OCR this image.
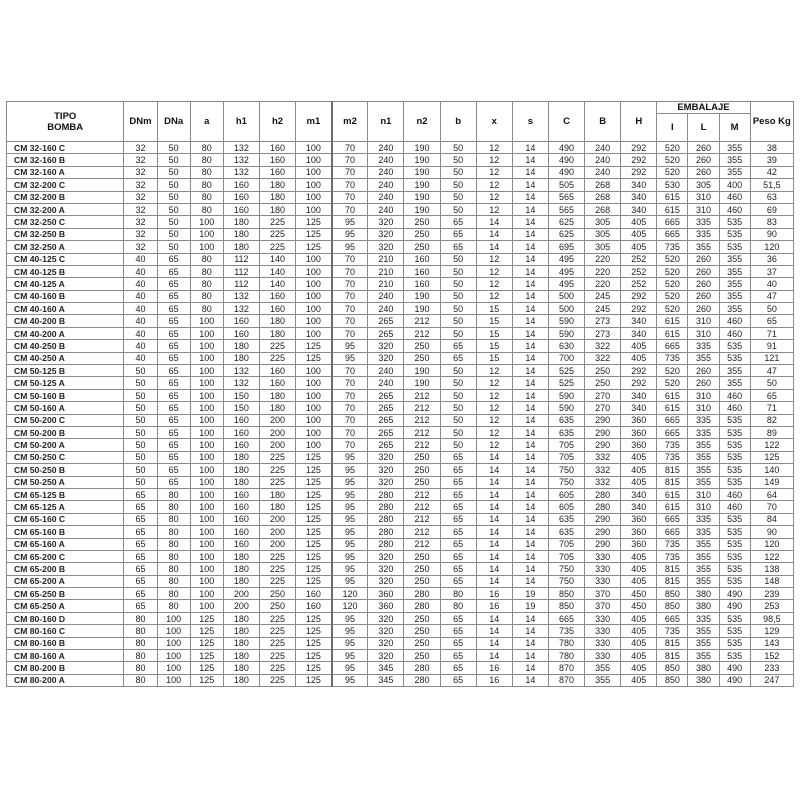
TIPO
BOMBA	DNm	DNa	a	h1	h2	m1	m2	n1	n2	b	x	s	C	B	H	EMBALAJE			Peso Kg
																I	L	M	
CM 32-160 C	32	50	80	132	160	100	70	240	190	50	12	14	490	240	292	520	260	355	38
CM 32-160 B	32	50	80	132	160	100	70	240	190	50	12	14	490	240	292	520	260	355	39
CM 32-160 A	32	50	80	132	160	100	70	240	190	50	12	14	490	240	292	520	260	355	42
CM 32-200 C	32	50	80	160	180	100	70	240	190	50	12	14	505	268	340	530	305	400	51,5
CM 32-200 B	32	50	80	160	180	100	70	240	190	50	12	14	565	268	340	615	310	460	63
CM 32-200 A	32	50	80	160	180	100	70	240	190	50	12	14	565	268	340	615	310	460	69
CM 32-250 C	32	50	100	180	225	125	95	320	250	65	14	14	625	305	405	665	335	535	83
CM 32-250 B	32	50	100	180	225	125	95	320	250	65	14	14	625	305	405	665	335	535	90
CM 32-250 A	32	50	100	180	225	125	95	320	250	65	14	14	695	305	405	735	355	535	120
CM 40-125 C	40	65	80	112	140	100	70	210	160	50	12	14	495	220	252	520	260	355	36
CM 40-125 B	40	65	80	112	140	100	70	210	160	50	12	14	495	220	252	520	260	355	37
CM 40-125 A	40	65	80	112	140	100	70	210	160	50	12	14	495	220	252	520	260	355	40
CM 40-160 B	40	65	80	132	160	100	70	240	190	50	12	14	500	245	292	520	260	355	47
CM 40-160 A	40	65	80	132	160	100	70	240	190	50	15	14	500	245	292	520	260	355	50
CM 40-200 B	40	65	100	160	180	100	70	265	212	50	15	14	590	273	340	615	310	460	65
CM 40-200 A	40	65	100	160	180	100	70	265	212	50	15	14	590	273	340	615	310	460	71
CM 40-250 B	40	65	100	180	225	125	95	320	250	65	15	14	630	322	405	665	335	535	91
CM 40-250 A	40	65	100	180	225	125	95	320	250	65	15	14	700	322	405	735	355	535	121
CM 50-125 B	50	65	100	132	160	100	70	240	190	50	12	14	525	250	292	520	260	355	47
CM 50-125 A	50	65	100	132	160	100	70	240	190	50	12	14	525	250	292	520	260	355	50
CM 50-160 B	50	65	100	150	180	100	70	265	212	50	12	14	590	270	340	615	310	460	65
CM 50-160 A	50	65	100	150	180	100	70	265	212	50	12	14	590	270	340	615	310	460	71
CM 50-200 C	50	65	100	160	200	100	70	265	212	50	12	14	635	290	360	665	335	535	82
CM 50-200 B	50	65	100	160	200	100	70	265	212	50	12	14	635	290	360	665	335	535	89
CM 50-200 A	50	65	100	160	200	100	70	265	212	50	12	14	705	290	360	735	355	535	122
CM 50-250 C	50	65	100	180	225	125	95	320	250	65	14	14	705	332	405	735	355	535	125
CM 50-250 B	50	65	100	180	225	125	95	320	250	65	14	14	750	332	405	815	355	535	140
CM 50-250 A	50	65	100	180	225	125	95	320	250	65	14	14	750	332	405	815	355	535	149
CM 65-125 B	65	80	100	160	180	125	95	280	212	65	14	14	605	280	340	615	310	460	64
CM 65-125 A	65	80	100	160	180	125	95	280	212	65	14	14	605	280	340	615	310	460	70
CM 65-160 C	65	80	100	160	200	125	95	280	212	65	14	14	635	290	360	665	335	535	84
CM 65-160 B	65	80	100	160	200	125	95	280	212	65	14	14	635	290	360	665	335	535	90
CM 65-160 A	65	80	100	160	200	125	95	280	212	65	14	14	705	290	360	735	355	535	120
CM 65-200 C	65	80	100	180	225	125	95	320	250	65	14	14	705	330	405	735	355	535	122
CM 65-200 B	65	80	100	180	225	125	95	320	250	65	14	14	750	330	405	815	355	535	138
CM 65-200 A	65	80	100	180	225	125	95	320	250	65	14	14	750	330	405	815	355	535	148
CM 65-250 B	65	80	100	200	250	160	120	360	280	80	16	19	850	370	450	850	380	490	239
CM 65-250 A	65	80	100	200	250	160	120	360	280	80	16	19	850	370	450	850	380	490	253
CM 80-160 D	80	100	125	180	225	125	95	320	250	65	14	14	665	330	405	665	335	535	98,5
CM 80-160 C	80	100	125	180	225	125	95	320	250	65	14	14	735	330	405	735	355	535	129
CM 80-160 B	80	100	125	180	225	125	95	320	250	65	14	14	780	330	405	815	355	535	143
CM 80-160 A	80	100	125	180	225	125	95	320	250	65	14	14	780	330	405	815	355	535	152
CM 80-200 B	80	100	125	180	225	125	95	345	280	65	16	14	870	355	405	850	380	490	233
CM 80-200 A	80	100	125	180	225	125	95	345	280	65	16	14	870	355	405	850	380	490	247
